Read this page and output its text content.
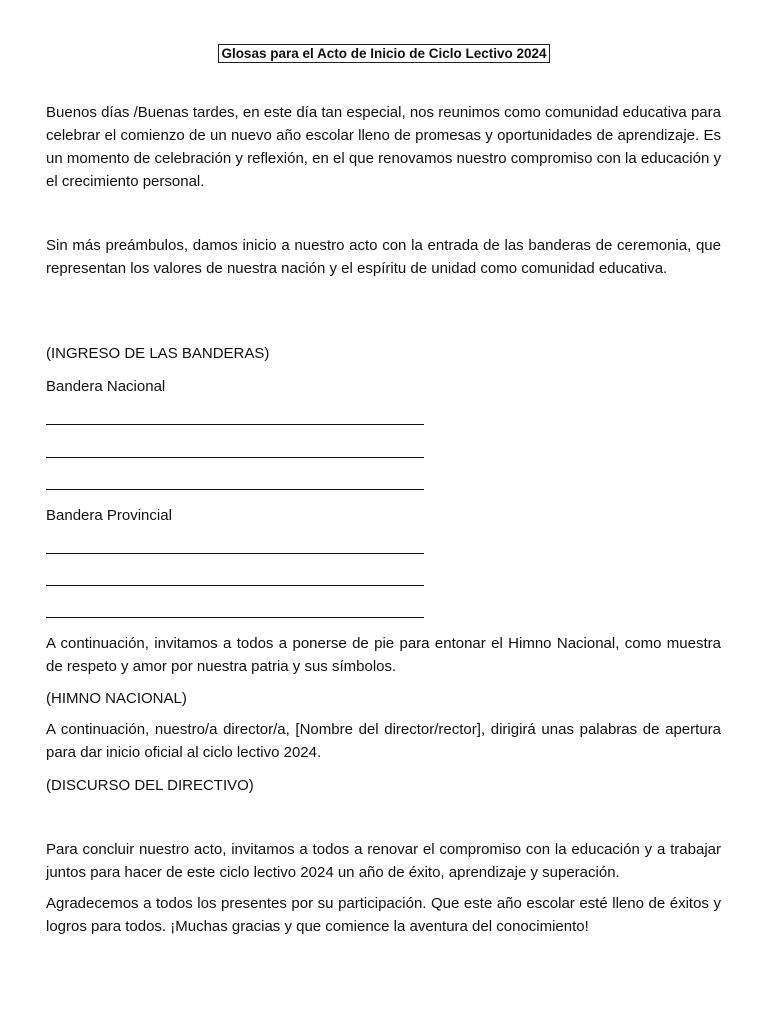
Glosas para el Acto de Inicio de Ciclo Lectivo 2024

Buenos días /Buenas tardes, en este día tan especial, nos reunimos como comunidad educativa para celebrar el comienzo de un nuevo año escolar lleno de promesas y oportunidades de aprendizaje. Es un momento de celebración y reflexión, en el que renovamos nuestro compromiso con la educación y el crecimiento personal.

Sin más preámbulos, damos inicio a nuestro acto con la entrada de las banderas de ceremonia, que representan los valores de nuestra nación y el espíritu de unidad como comunidad educativa.

(INGRESO DE LAS BANDERAS)

Bandera Nacional

Bandera Provincial

A continuación, invitamos a todos a ponerse de pie para entonar el Himno Nacional, como muestra de respeto y amor por nuestra patria y sus símbolos.

(HIMNO NACIONAL)

A continuación, nuestro/a director/a, [Nombre del director/rector], dirigirá unas palabras de apertura para dar inicio oficial al ciclo lectivo 2024.

(DISCURSO DEL DIRECTIVO)

Para concluir nuestro acto, invitamos a todos a renovar el compromiso con la educación y a trabajar juntos para hacer de este ciclo lectivo 2024 un año de éxito, aprendizaje y superación.

Agradecemos a todos los presentes por su participación. Que este año escolar esté lleno de éxitos y logros para todos. ¡Muchas gracias y que comience la aventura del conocimiento!
